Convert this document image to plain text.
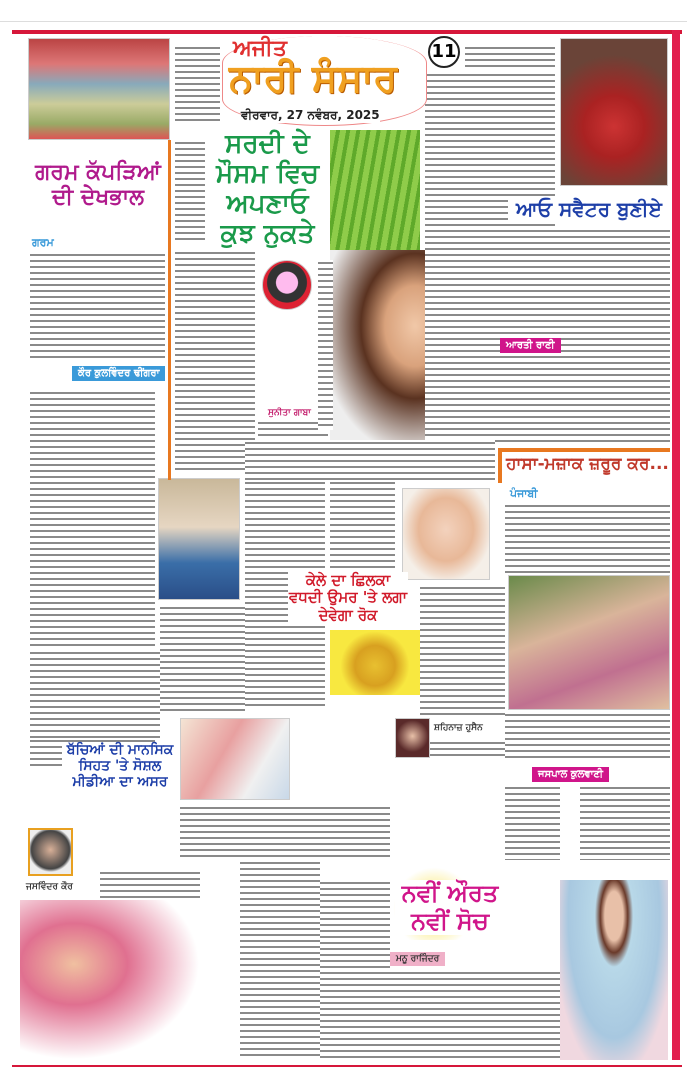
ਅਜੀਤ
ਨਾਰੀ ਸੰਸਾਰ
ਵੀਰਵਾਰ, 27 ਨਵੰਬਰ, 2025
11
ਗਰਮ ਕੱਪੜਿਆਂ ਦੀ ਦੇਖਭਾਲ
ਸਰਦੀ ਦੇ ਮੌਸਮ ਵਿਚ ਅਪਣਾਓ ਕੁਝ ਨੁਕਤੇ
ਆਓ ਸਵੈਟਰ ਬੁਣੀਏ
ਹਾਸਾ-ਮਜ਼ਾਕ ਜ਼ਰੂਰ ਕਰ...
ਕੇਲੇ ਦਾ ਛਿਲਕਾ ਵਧਦੀ ਉਮਰ 'ਤੇ ਲਗਾ ਦੇਵੇਗਾ ਰੋਕ
ਬੱਚਿਆਂ ਦੀ ਮਾਨਸਿਕ ਸਿਹਤ 'ਤੇ ਸੋਸ਼ਲ ਮੀਡੀਆ ਦਾ ਅਸਰ
ਨਵੀਂ ਔਰਤ ਨਵੀਂ ਸੋਚ
ਗਰਮ
ਪੰਜਾਬੀ
ਕੌਰ ਕੁਲਵਿੰਦਰ ਢੀਂਗਰਾ
ਸੁਨੀਤਾ ਗਾਬਾ
ਆਰਤੀ ਰਾਣੀ
ਜਸਪਾਲ ਕੁਲਵਾਣੀ
ਸ਼ਹਿਨਾਜ਼ ਹੁਸੈਨ
ਜਸਵਿੰਦਰ ਕੌਰ
ਮਨੂ ਰਾਜਿੰਦਰ
